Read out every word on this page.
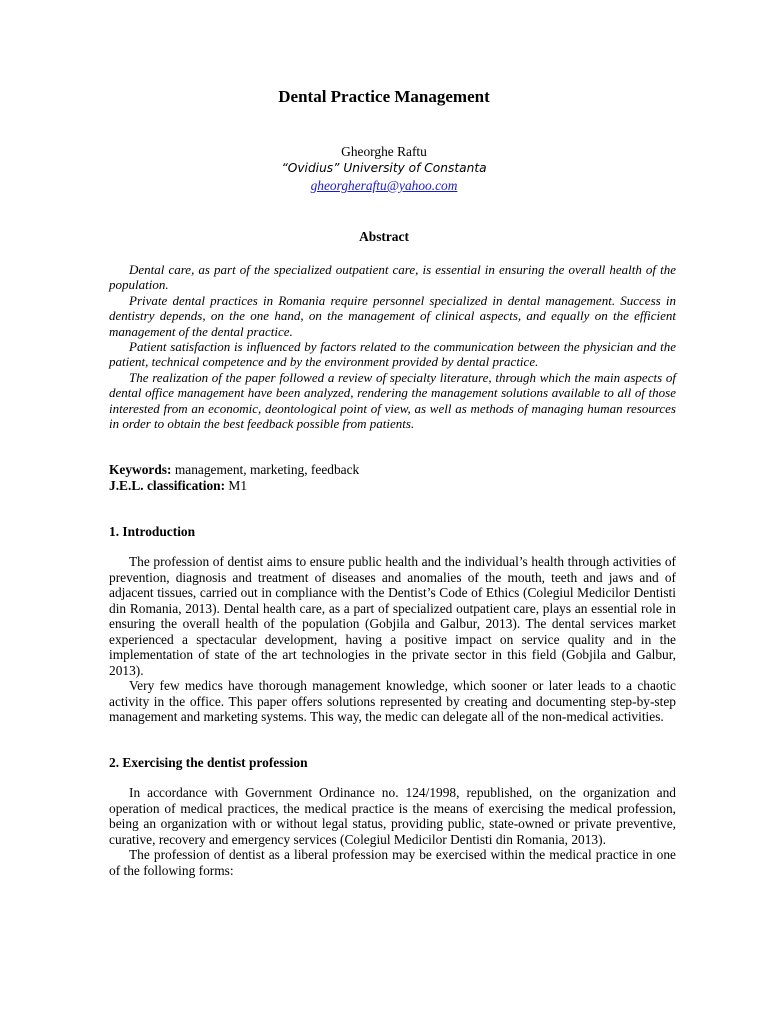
Dental Practice Management
Gheorghe Raftu
“Ovidius” University of Constanta
gheorgheraftu@yahoo.com
Abstract

Dental care, as part of the specialized outpatient care, is essential in ensuring the overall health of the population.

Private dental practices in Romania require personnel specialized in dental management. Success in dentistry depends, on the one hand, on the management of clinical aspects, and equally on the efficient management of the dental practice.

Patient satisfaction is influenced by factors related to the communication between the physician and the patient, technical competence and by the environment provided by dental practice.

The realization of the paper followed a review of specialty literature, through which the main aspects of dental office management have been analyzed, rendering the management solutions available to all of those interested from an economic, deontological point of view, as well as methods of managing human resources in order to obtain the best feedback possible from patients.

Keywords: management, marketing, feedback
J.E.L. classification: M1
1. Introduction

The profession of dentist aims to ensure public health and the individual’s health through activities of prevention, diagnosis and treatment of diseases and anomalies of the mouth, teeth and jaws and of adjacent tissues, carried out in compliance with the Dentist’s Code of Ethics (Colegiul Medicilor Dentisti din Romania, 2013). Dental health care, as a part of specialized outpatient care, plays an essential role in ensuring the overall health of the population (Gobjila and Galbur, 2013). The dental services market experienced a spectacular development, having a positive impact on service quality and in the implementation of state of the art technologies in the private sector in this field (Gobjila and Galbur, 2013).

Very few medics have thorough management knowledge, which sooner or later leads to a chaotic activity in the office. This paper offers solutions represented by creating and documenting step-by-step management and marketing systems. This way, the medic can delegate all of the non-medical activities.

2. Exercising the dentist profession

In accordance with Government Ordinance no. 124/1998, republished, on the organization and operation of medical practices, the medical practice is the means of exercising the medical profession, being an organization with or without legal status, providing public, state-owned or private preventive, curative, recovery and emergency services (Colegiul Medicilor Dentisti din Romania, 2013).

The profession of dentist as a liberal profession may be exercised within the medical practice in one of the following forms:
